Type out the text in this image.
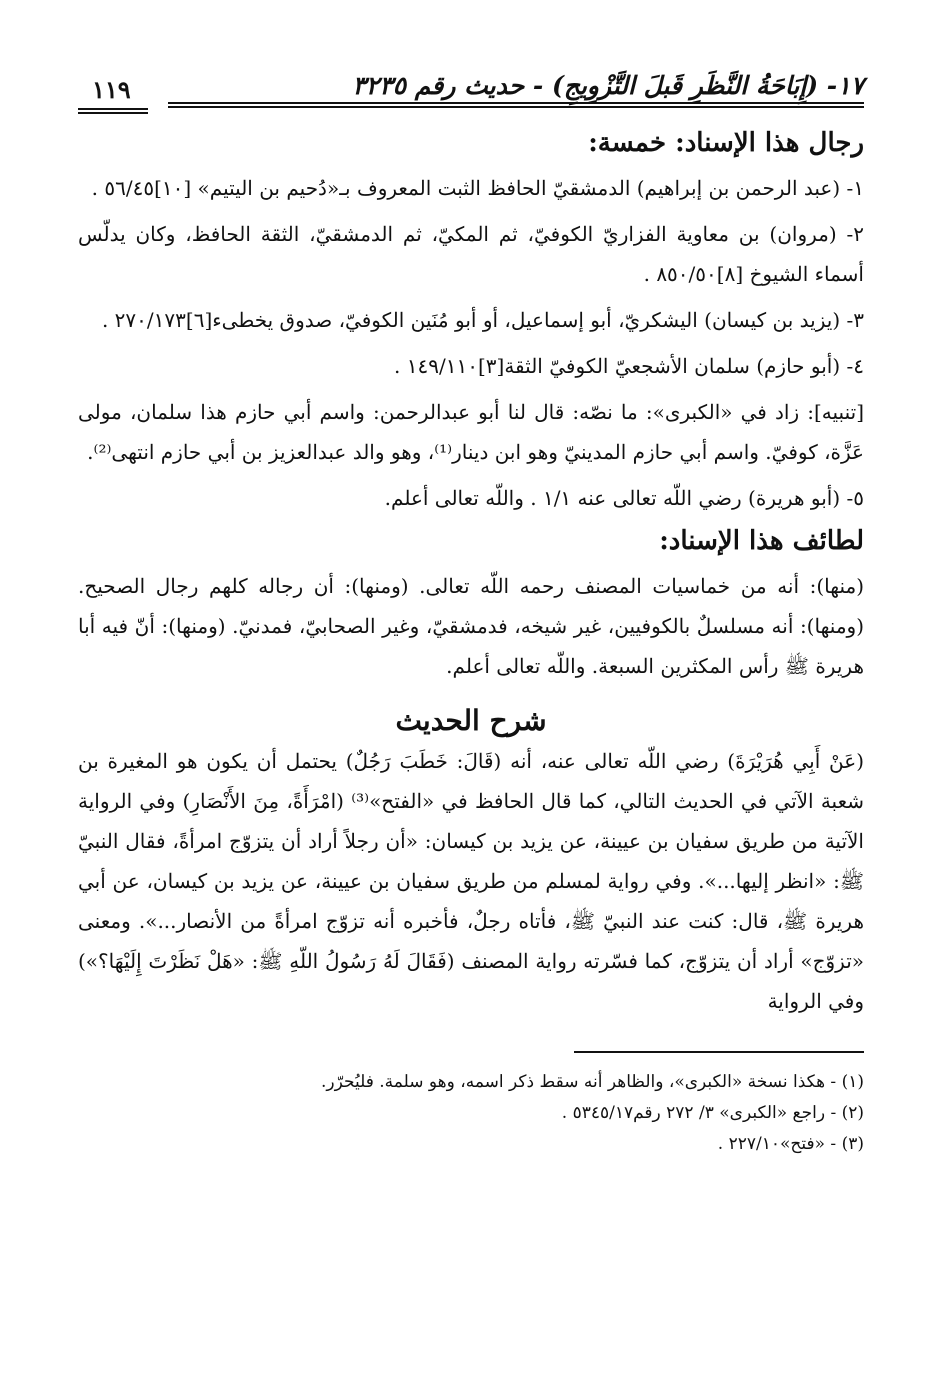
١٧- (إِبَاحَةُ النَّظَرِ قَبلَ التَّزْوِيجِ) - حديث رقم ٣٢٣٥
١١٩
رجال هذا الإسناد: خمسة:

١- (عبد الرحمن بن إبراهيم) الدمشقيّ الحافظ الثبت المعروف بـ«دُحيم بن اليتيم» [١٠]٥٦/٤٥ .

٢- (مروان) بن معاوية الفزاريّ الكوفيّ، ثم المكيّ، ثم الدمشقيّ، الثقة الحافظ، وكان يدلّس أسماء الشيوخ [٨]٨٥٠/٥٠ .

٣- (يزيد بن كيسان) اليشكريّ، أبو إسماعيل، أو أبو مُنَين الكوفيّ، صدوق يخطىء[٦]٢٧٠/١٧٣ .

٤- (أبو حازم) سلمان الأشجعيّ الكوفيّ الثقة[٣]١٤٩/١١٠ .

[تنبيه]: زاد في «الكبرى»: ما نصّه: قال لنا أبو عبدالرحمن: واسم أبي حازم هذا سلمان، مولى عَزَّة، كوفيّ. واسم أبي حازم المدينيّ وهو ابن دينار⁽¹⁾، وهو والد عبدالعزيز بن أبي حازم انتهى⁽²⁾.

٥- (أبو هريرة) رضي اللّه تعالى عنه ١/١ . واللّه تعالى أعلم.

لطائف هذا الإسناد:

(منها): أنه من خماسيات المصنف رحمه اللّه تعالى. (ومنها): أن رجاله كلهم رجال الصحيح. (ومنها): أنه مسلسلٌ بالكوفيين، غير شيخه، فدمشقيّ، وغير الصحابيّ، فمدنيّ. (ومنها): أنّ فيه أبا هريرة ﷺ رأس المكثرين السبعة. واللّه تعالى أعلم.

شرح الحديث

(عَنْ أَبِي هُرَيْرَةَ) رضي اللّه تعالى عنه، أنه (قَالَ: خَطَبَ رَجُلٌ) يحتمل أن يكون هو المغيرة بن شعبة الآتي في الحديث التالي، كما قال الحافظ في «الفتح»⁽³⁾ (امْرَأَةً، مِنَ الأَنْصَارِ) وفي الرواية الآتية من طريق سفيان بن عيينة، عن يزيد بن كيسان: «أن رجلاً أراد أن يتزوّج امرأةً، فقال النبيّ ﷺ: «انظر إليها...». وفي رواية لمسلم من طريق سفيان بن عيينة، عن يزيد بن كيسان، عن أبي هريرة ﷺ، قال: كنت عند النبيّ ﷺ، فأتاه رجلٌ، فأخبره أنه تزوّج امرأةً من الأنصار...». ومعنى «تزوّج» أراد أن يتزوّج، كما فسّرته رواية المصنف (فَقَالَ لَهُ رَسُولُ اللّهِ ﷺ: «هَلْ نَظَرْتَ إِلَيْهَا؟») وفي الرواية

(١) - هكذا نسخة «الكبرى»، والظاهر أنه سقط ذكر اسمه، وهو سلمة. فليُحرّر.
(٢) - راجع «الكبرى» ٣/ ٢٧٢ رقم٥٣٤٥/١٧ .
(٣) - «فتح»٢٢٧/١٠ .
